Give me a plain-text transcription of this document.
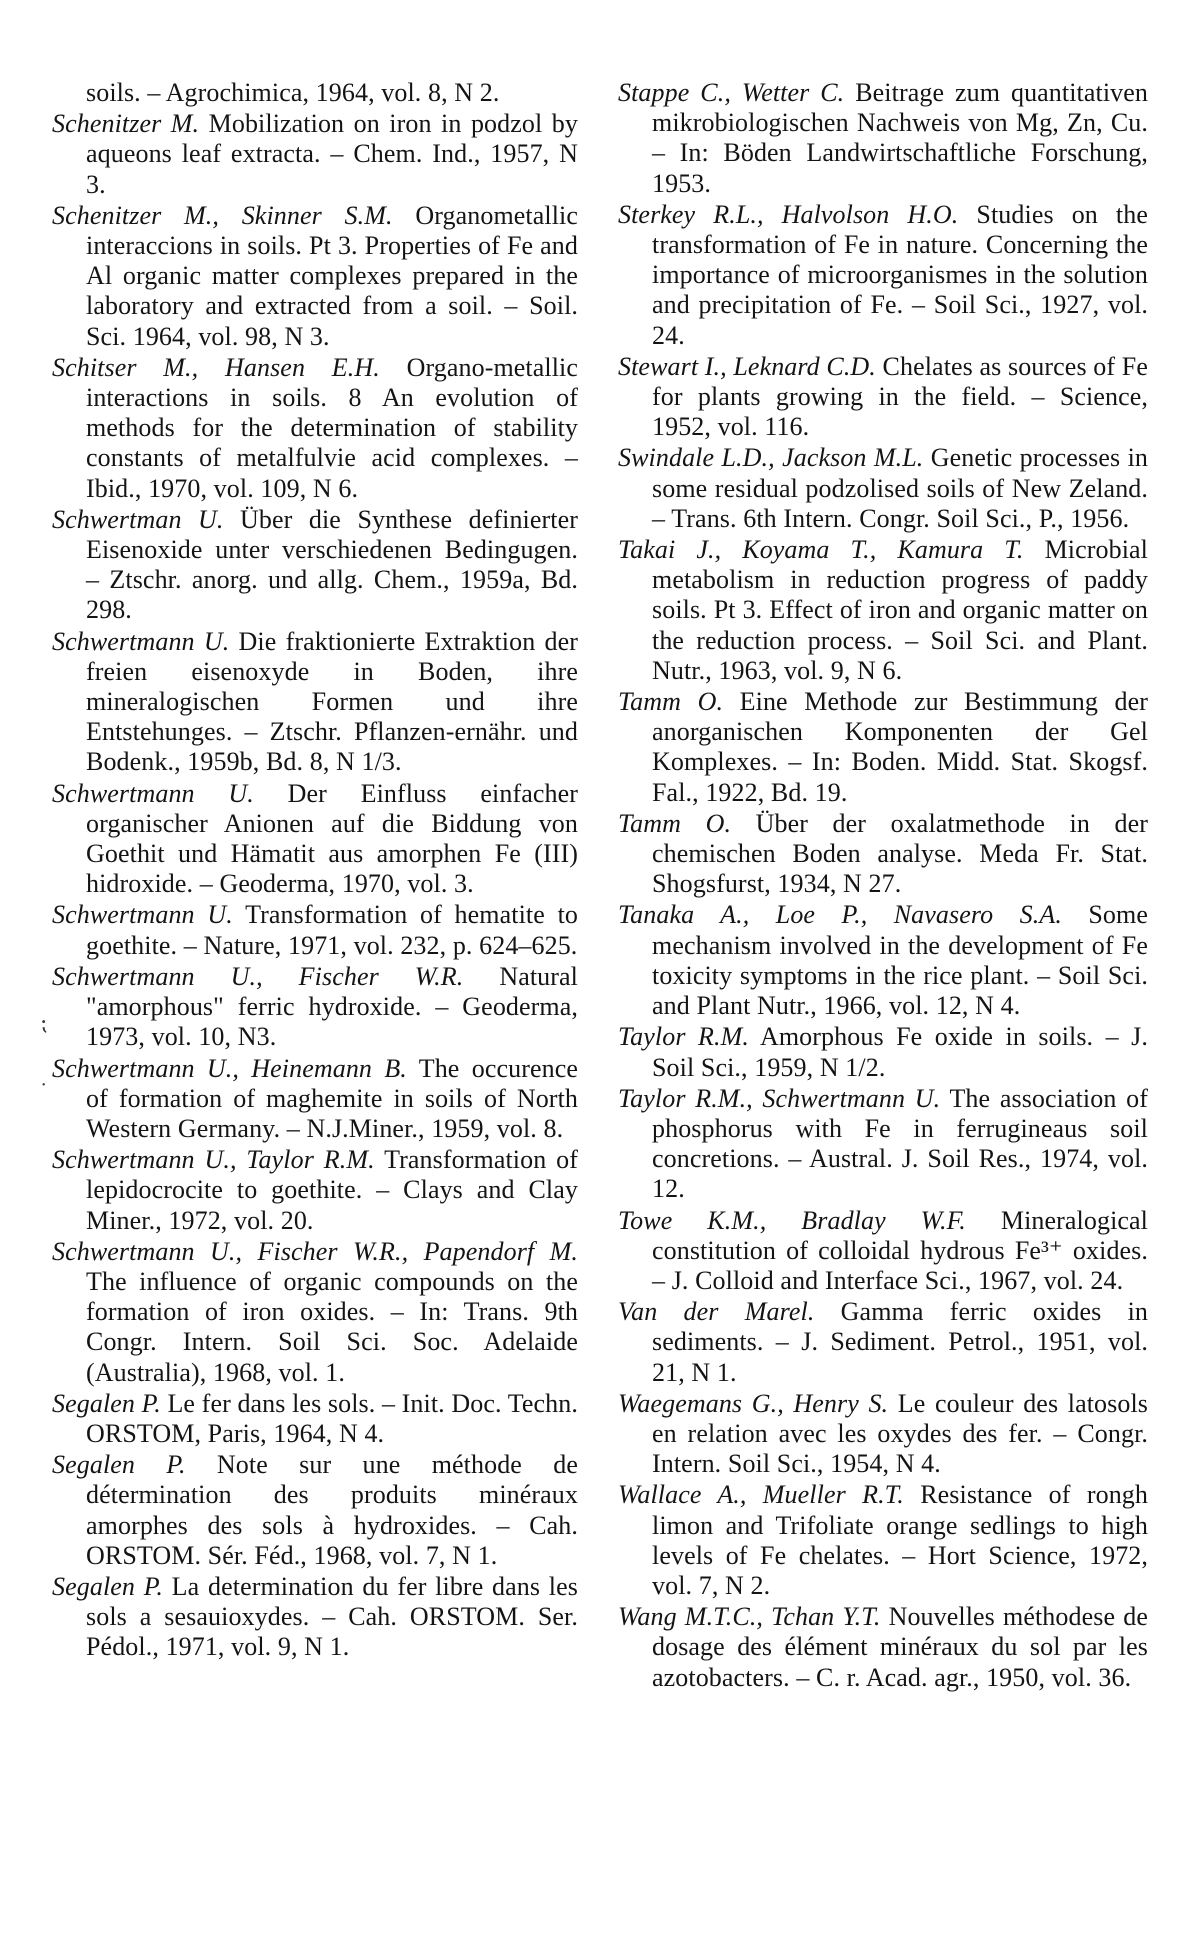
soils. – Agrochimica, 1964, vol. 8, N 2.

Schenitzer M. Mobilization on iron in podzol by aqueons leaf extracta. – Chem. Ind., 1957, N 3.

Schenitzer M., Skinner S.M. Organometallic interaccions in soils. Pt 3. Properties of Fe and Al organic matter complexes prepared in the laboratory and extracted from a soil. – Soil. Sci. 1964, vol. 98, N 3.

Schitser M., Hansen E.H. Organo-metallic interactions in soils. 8 An evolution of methods for the determination of stability constants of metalfulvie acid complexes. – Ibid., 1970, vol. 109, N 6.

Schwertman U. Über die Synthese definierter Eisenoxide unter verschiedenen Bedingugen. – Ztschr. anorg. und allg. Chem., 1959a, Bd. 298.

Schwertmann U. Die fraktionierte Extraktion der freien eisenoxyde in Boden, ihre mineralogischen Formen und ihre Entstehunges. – Ztschr. Pflanzen-ernähr. und Bodenk., 1959b, Bd. 8, N 1/3.

Schwertmann U. Der Einfluss einfacher organischer Anionen auf die Biddung von Goethit und Hämatit aus amorphen Fe (III) hidroxide. – Geoderma, 1970, vol. 3.

Schwertmann U. Transformation of hematite to goethite. – Nature, 1971, vol. 232, p. 624–625.

Schwertmann U., Fischer W.R. Natural "amorphous" ferric hydroxide. – Geoderma, 1973, vol. 10, N3.

Schwertmann U., Heinemann B. The occurence of formation of maghemite in soils of North Western Germany. – N.J.Miner., 1959, vol. 8.

Schwertmann U., Taylor R.M. Transformation of lepidocrocite to goethite. – Clays and Clay Miner., 1972, vol. 20.

Schwertmann U., Fischer W.R., Papendorf M. The influence of organic compounds on the formation of iron oxides. – In: Trans. 9th Congr. Intern. Soil Sci. Soc. Adelaide (Australia), 1968, vol. 1.

Segalen P. Le fer dans les sols. – Init. Doc. Techn. ORSTOM, Paris, 1964, N 4.

Segalen P. Note sur une méthode de détermination des produits minéraux amorphes des sols à hydroxides. – Cah. ORSTOM. Sér. Féd., 1968, vol. 7, N 1.

Segalen P. La determination du fer libre dans les sols a sesauioxydes. – Cah. ORSTOM. Ser. Pédol., 1971, vol. 9, N 1.

Stappe C., Wetter C. Beitrage zum quantitativen mikrobiologischen Nachweis von Mg, Zn, Cu. – In: Böden Landwirtschaftliche Forschung, 1953.

Sterkey R.L., Halvolson H.O. Studies on the transformation of Fe in nature. Concerning the importance of microorganismes in the solution and precipitation of Fe. – Soil Sci., 1927, vol. 24.

Stewart I., Leknard C.D. Chelates as sources of Fe for plants growing in the field. – Science, 1952, vol. 116.

Swindale L.D., Jackson M.L. Genetic processes in some residual podzolised soils of New Zeland. – Trans. 6th Intern. Congr. Soil Sci., P., 1956.

Takai J., Koyama T., Kamura T. Microbial metabolism in reduction progress of paddy soils. Pt 3. Effect of iron and organic matter on the reduction process. – Soil Sci. and Plant. Nutr., 1963, vol. 9, N 6.

Tamm O. Eine Methode zur Bestimmung der anorganischen Komponenten der Gel Komplexes. – In: Boden. Midd. Stat. Skogsf. Fal., 1922, Bd. 19.

Tamm O. Über der oxalatmethode in der chemischen Boden analyse. Meda Fr. Stat. Shogsfurst, 1934, N 27.

Tanaka A., Loe P., Navasero S.A. Some mechanism involved in the development of Fe toxicity symptoms in the rice plant. – Soil Sci. and Plant Nutr., 1966, vol. 12, N 4.

Taylor R.M. Amorphous Fe oxide in soils. – J. Soil Sci., 1959, N 1/2.

Taylor R.M., Schwertmann U. The association of phosphorus with Fe in ferruginеaus soil concretions. – Austral. J. Soil Res., 1974, vol. 12.

Towe K.M., Bradlay W.F. Mineralogical constitution of colloidal hydrous Fe³⁺ oxides. – J. Colloid and Interface Sci., 1967, vol. 24.

Van der Marel. Gamma ferric oxides in sediments. – J. Sediment. Petrol., 1951, vol. 21, N 1.

Waegemans G., Henry S. Le couleur des latosols en relation avec les oxydes des fer. – Congr. Intern. Soil Sci., 1954, N 4.

Wallace A., Mueller R.T. Resistance of rongh limon and Trifoliate orange sedlings to high levels of Fe chelates. – Hort Science, 1972, vol. 7, N 2.

Wang M.T.C., Tchan Y.T. Nouvelles méthodese de dosage des élément minéraux du sol par les azotobacters. – C. r. Acad. agr., 1950, vol. 36.

⁏
˙
